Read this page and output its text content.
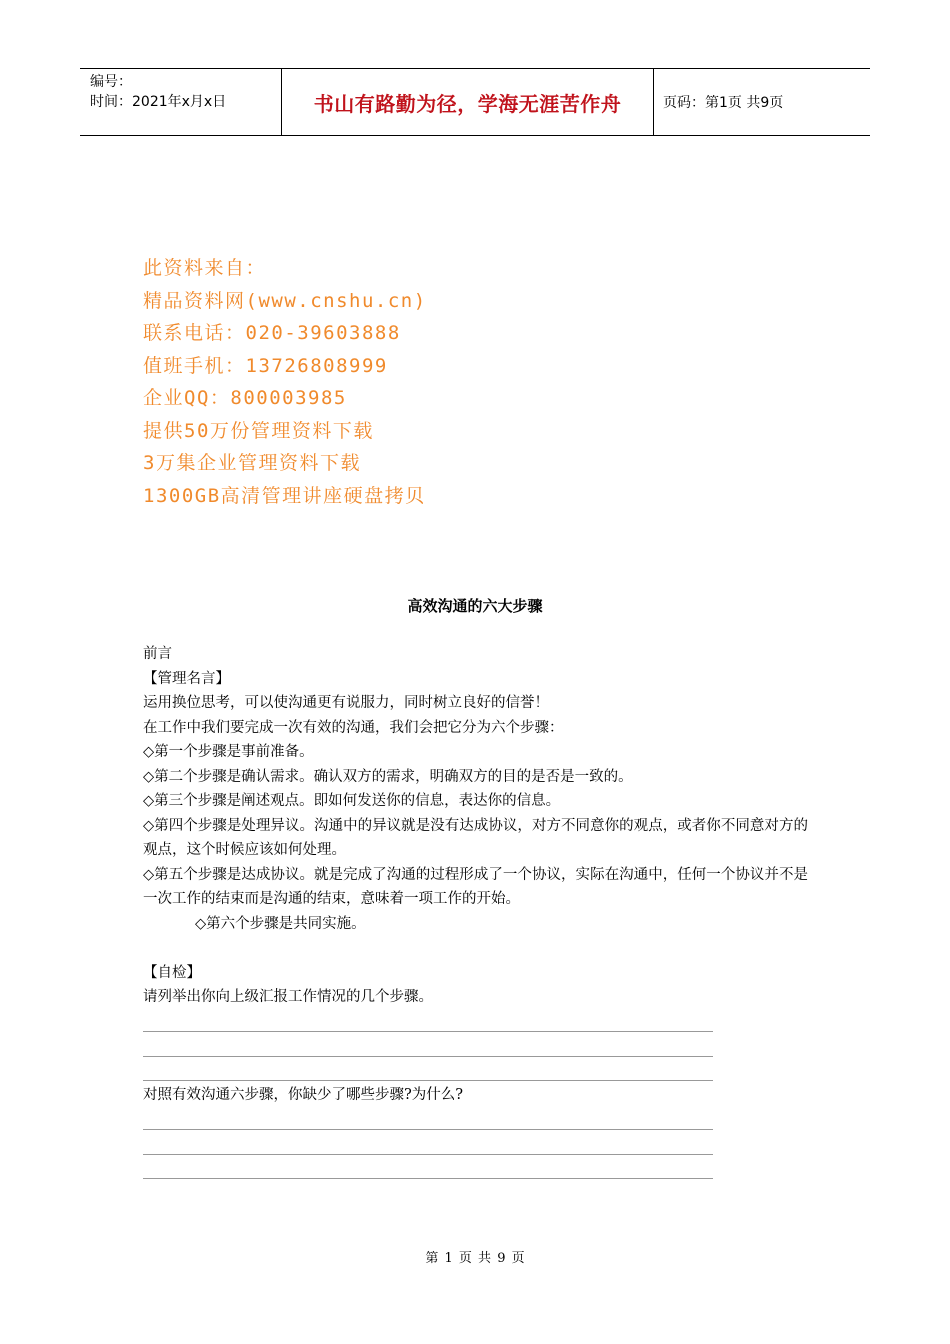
编号：
时间：2021年x月x日	书山有路勤为径，学海无涯苦作舟	页码：第1页 共9页
此资料来自：
精品资料网(www.cnshu.cn)
联系电话：020-39603888
值班手机：13726808999
企业QQ：800003985
提供50万份管理资料下载
3万集企业管理资料下载
1300GB高清管理讲座硬盘拷贝
高效沟通的六大步骤
前言
【管理名言】
运用换位思考，可以使沟通更有说服力，同时树立良好的信誉！
在工作中我们要完成一次有效的沟通，我们会把它分为六个步骤：
◇第一个步骤是事前准备。
◇第二个步骤是确认需求。确认双方的需求，明确双方的目的是否是一致的。
◇第三个步骤是阐述观点。即如何发送你的信息，表达你的信息。
◇第四个步骤是处理异议。沟通中的异议就是没有达成协议，对方不同意你的观点，或者你不同意对方的观点，这个时候应该如何处理。
◇第五个步骤是达成协议。就是完成了沟通的过程形成了一个协议，实际在沟通中，任何一个协议并不是一次工作的结束而是沟通的结束，意味着一项工作的开始。
◇第六个步骤是共同实施。
【自检】
请列举出你向上级汇报工作情况的几个步骤。
对照有效沟通六步骤，你缺少了哪些步骤?为什么?
第 1 页 共 9 页
